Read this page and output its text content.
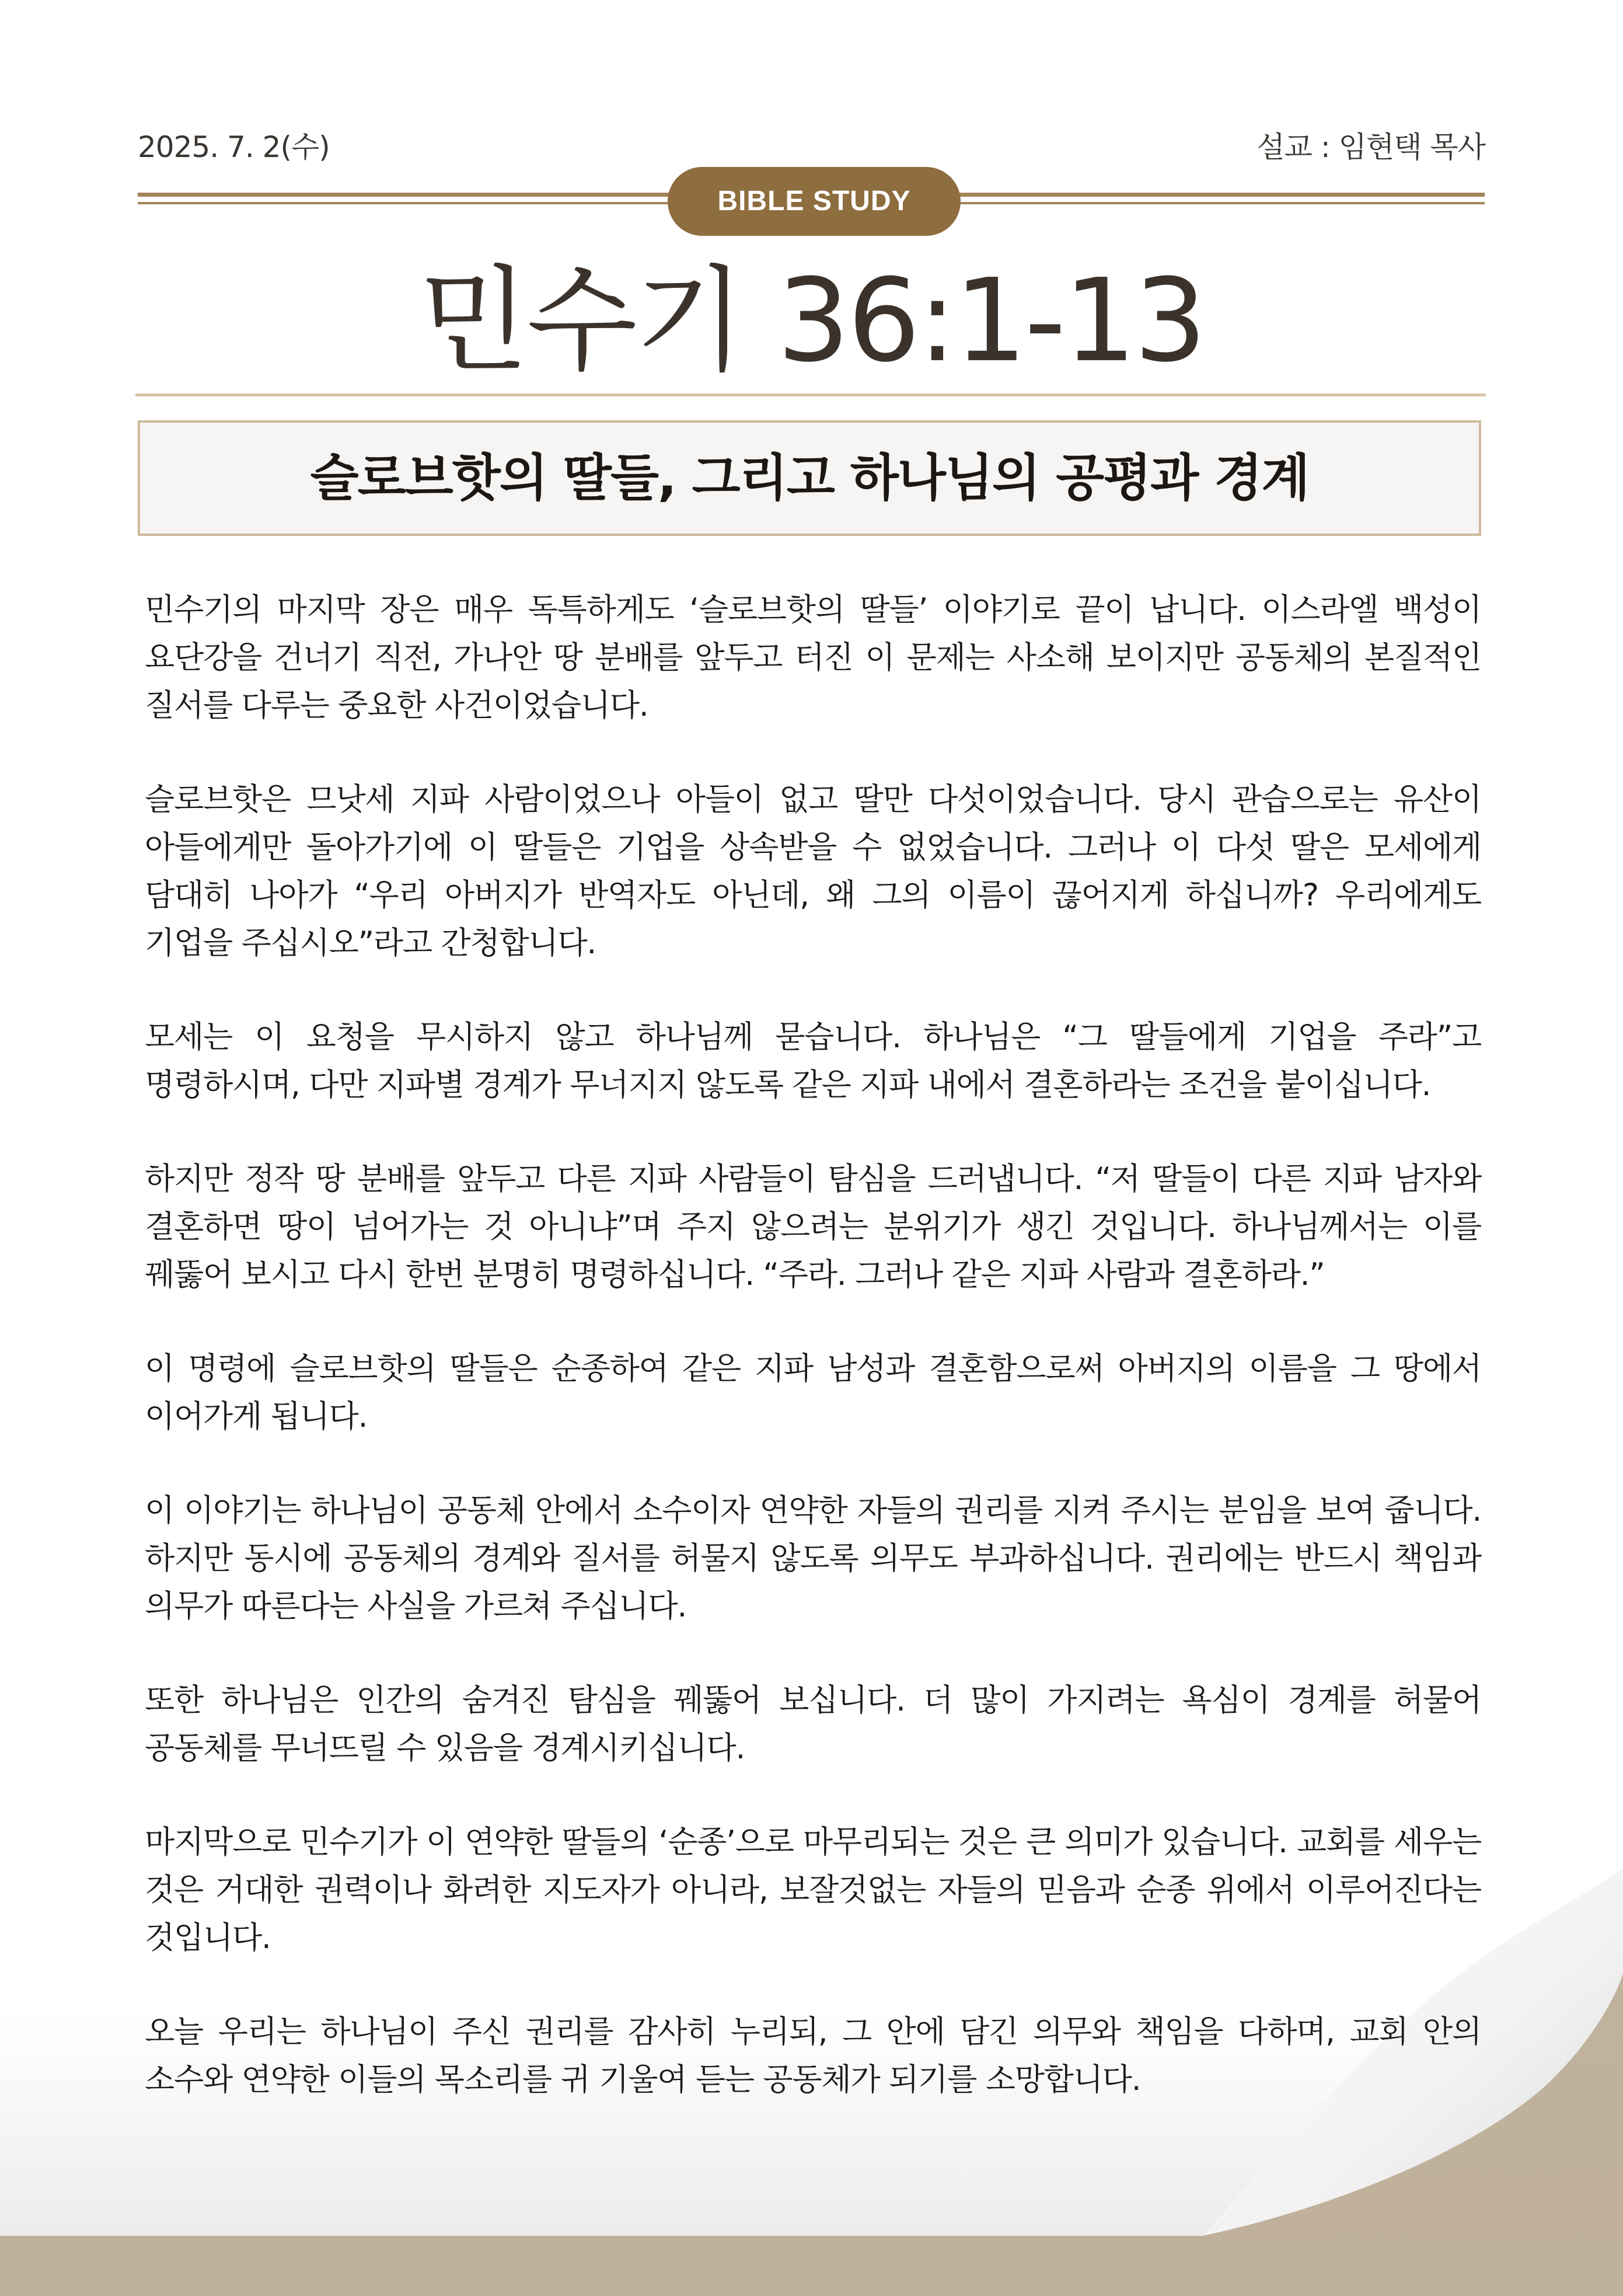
2025. 7. 2(수)	설교 : 임현택 목사
BIBLE STUDY
민수기 36:1-13
슬로브핫의 딸들, 그리고 하나님의 공평과 경계

민수기의 마지막 장은 매우 독특하게도 ‘슬로브핫의 딸들’ 이야기로 끝이 납니다. 이스라엘 백성이 요단강을 건너기 직전, 가나안 땅 분배를 앞두고 터진 이 문제는 사소해 보이지만 공동체의 본질적인 질서를 다루는 중요한 사건이었습니다.

슬로브핫은 므낫세 지파 사람이었으나 아들이 없고 딸만 다섯이었습니다. 당시 관습으로는 유산이 아들에게만 돌아가기에 이 딸들은 기업을 상속받을 수 없었습니다. 그러나 이 다섯 딸은 모세에게 담대히 나아가 “우리 아버지가 반역자도 아닌데, 왜 그의 이름이 끊어지게 하십니까? 우리에게도 기업을 주십시오”라고 간청합니다.

모세는 이 요청을 무시하지 않고 하나님께 묻습니다. 하나님은 “그 딸들에게 기업을 주라”고 명령하시며, 다만 지파별 경계가 무너지지 않도록 같은 지파 내에서 결혼하라는 조건을 붙이십니다.

하지만 정작 땅 분배를 앞두고 다른 지파 사람들이 탐심을 드러냅니다. “저 딸들이 다른 지파 남자와 결혼하면 땅이 넘어가는 것 아니냐”며 주지 않으려는 분위기가 생긴 것입니다. 하나님께서는 이를 꿰뚫어 보시고 다시 한번 분명히 명령하십니다. “주라. 그러나 같은 지파 사람과 결혼하라.”

이 명령에 슬로브핫의 딸들은 순종하여 같은 지파 남성과 결혼함으로써 아버지의 이름을 그 땅에서 이어가게 됩니다.

이 이야기는 하나님이 공동체 안에서 소수이자 연약한 자들의 권리를 지켜 주시는 분임을 보여 줍니다. 하지만 동시에 공동체의 경계와 질서를 허물지 않도록 의무도 부과하십니다. 권리에는 반드시 책임과 의무가 따른다는 사실을 가르쳐 주십니다.

또한 하나님은 인간의 숨겨진 탐심을 꿰뚫어 보십니다. 더 많이 가지려는 욕심이 경계를 허물어 공동체를 무너뜨릴 수 있음을 경계시키십니다.

마지막으로 민수기가 이 연약한 딸들의 ‘순종’으로 마무리되는 것은 큰 의미가 있습니다. 교회를 세우는 것은 거대한 권력이나 화려한 지도자가 아니라, 보잘것없는 자들의 믿음과 순종 위에서 이루어진다는 것입니다.

오늘 우리는 하나님이 주신 권리를 감사히 누리되, 그 안에 담긴 의무와 책임을 다하며, 교회 안의 소수와 연약한 이들의 목소리를 귀 기울여 듣는 공동체가 되기를 소망합니다.
